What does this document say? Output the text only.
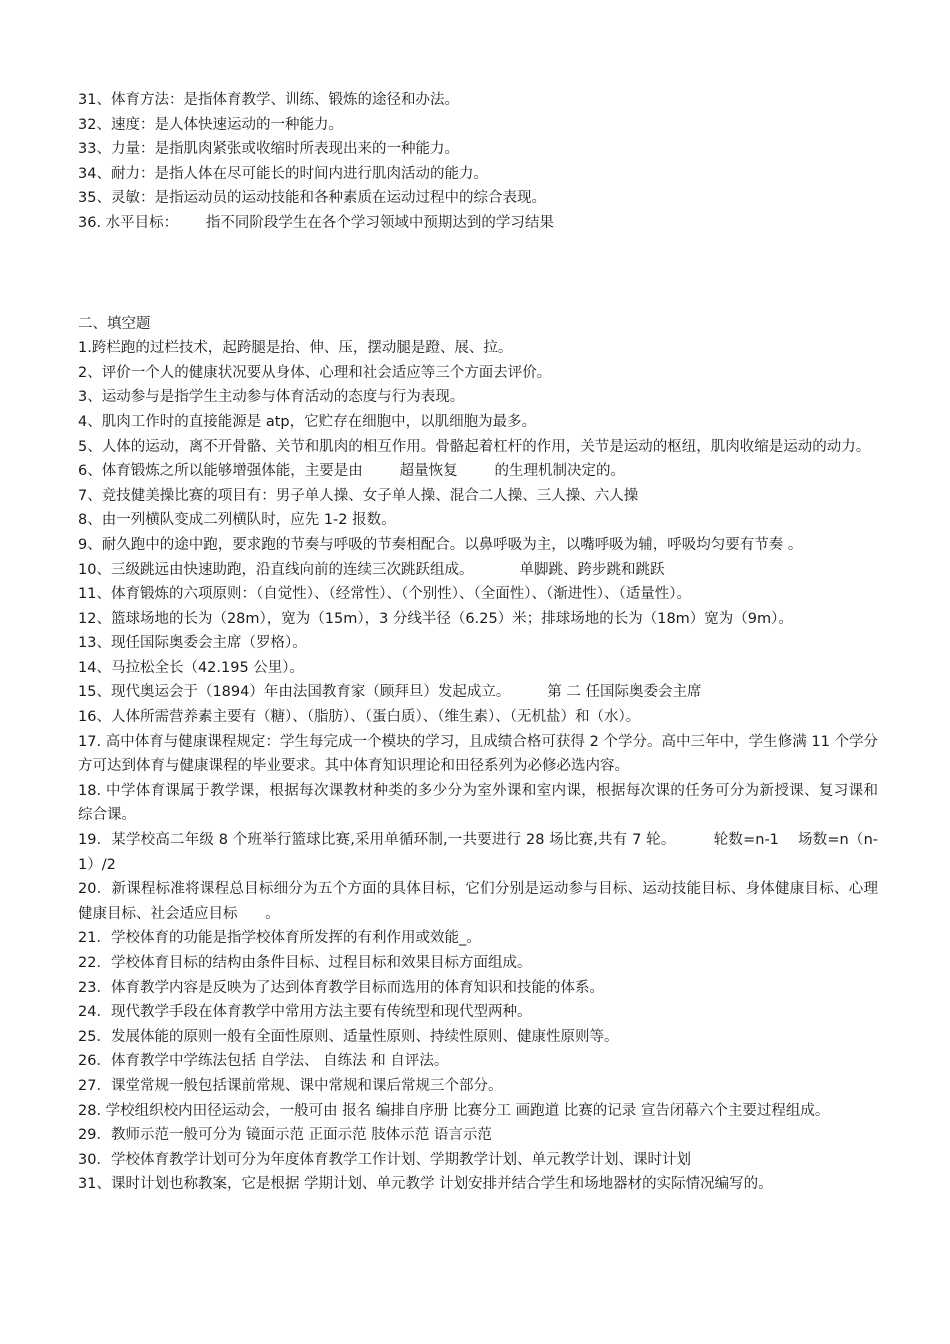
31、体育方法：是指体育教学、训练、锻炼的途径和办法。

32、速度：是人体快速运动的一种能力。

33、力量：是指肌肉紧张或收缩时所表现出来的一种能力。

34、耐力：是指人体在尽可能长的时间内进行肌肉活动的能力。

35、灵敏：是指运动员的运动技能和各种素质在运动过程中的综合表现。

36. 水平目标：      指不同阶段学生在各个学习领域中预期达到的学习结果

二、填空题

1.跨栏跑的过栏技术，起跨腿是抬、伸、压，摆动腿是蹬、展、拉。

2、评价一个人的健康状况要从身体、心理和社会适应等三个方面去评价。

3、运动参与是指学生主动参与体育活动的态度与行为表现。

4、肌肉工作时的直接能源是 atp，它贮存在细胞中，以肌细胞为最多。

5、人体的运动，离不开骨骼、关节和肌肉的相互作用。骨骼起着杠杆的作用，关节是运动的枢纽，肌肉收缩是运动的动力。

6、体育锻炼之所以能够增强体能，主要是由        超量恢复        的生理机制决定的。

7、竞技健美操比赛的项目有：男子单人操、女子单人操、混合二人操、三人操、六人操

8、由一列横队变成二列横队时，应先 1-2 报数。

9、耐久跑中的途中跑，要求跑的节奏与呼吸的节奏相配合。以鼻呼吸为主，以嘴呼吸为辅，呼吸均匀要有节奏 。

10、三级跳远由快速助跑，沿直线向前的连续三次跳跃组成。          单脚跳、跨步跳和跳跃

11、体育锻炼的六项原则：（自觉性）、（经常性）、（个别性）、（全面性）、（渐进性）、（适量性）。

12、篮球场地的长为（28m），宽为（15m），3 分线半径（6.25）米；排球场地的长为（18m）宽为（9m）。

13、现任国际奥委会主席（罗格）。

14、马拉松全长（42.195 公里）。

15、现代奥运会于（1894）年由法国教育家（顾拜旦）发起成立。        第 二 任国际奥委会主席

16、人体所需营养素主要有（糖）、（脂肪）、（蛋白质）、（维生素）、（无机盐）和（水）。

17. 高中体育与健康课程规定：学生每完成一个模块的学习，且成绩合格可获得 2 个学分。高中三年中，学生修满 11 个学分方可达到体育与健康课程的毕业要求。其中体育知识理论和田径系列为必修必选内容。

18. 中学体育课属于教学课，根据每次课教材种类的多少分为室外课和室内课，根据每次课的任务可分为新授课、复习课和    综合课。

19．某学校高二年级 8 个班举行篮球比赛,采用单循环制,一共要进行 28 场比赛,共有 7 轮。        轮数=n-1    场数=n（n-1）/2

20．新课程标准将课程总目标细分为五个方面的具体目标，它们分别是运动参与目标、运动技能目标、身体健康目标、心理健康目标、社会适应目标      。

21．学校体育的功能是指学校体育所发挥的有利作用或效能_。

22．学校体育目标的结构由条件目标、过程目标和效果目标方面组成。

23．体育教学内容是反映为了达到体育教学目标而选用的体育知识和技能的体系。

24．现代教学手段在体育教学中常用方法主要有传统型和现代型两种。

25．发展体能的原则一般有全面性原则、适量性原则、持续性原则、健康性原则等。

26．体育教学中学练法包括 自学法、 自练法 和 自评法。

27．课堂常规一般包括课前常规、课中常规和课后常规三个部分。

28. 学校组织校内田径运动会，一般可由 报名 编排自序册 比赛分工 画跑道 比赛的记录 宣告闭幕六个主要过程组成。

29．教师示范一般可分为 镜面示范 正面示范 肢体示范 语言示范

30．学校体育教学计划可分为年度体育教学工作计划、学期教学计划、单元教学计划、课时计划

31、课时计划也称教案，它是根据 学期计划、单元教学 计划安排并结合学生和场地器材的实际情况编写的。
